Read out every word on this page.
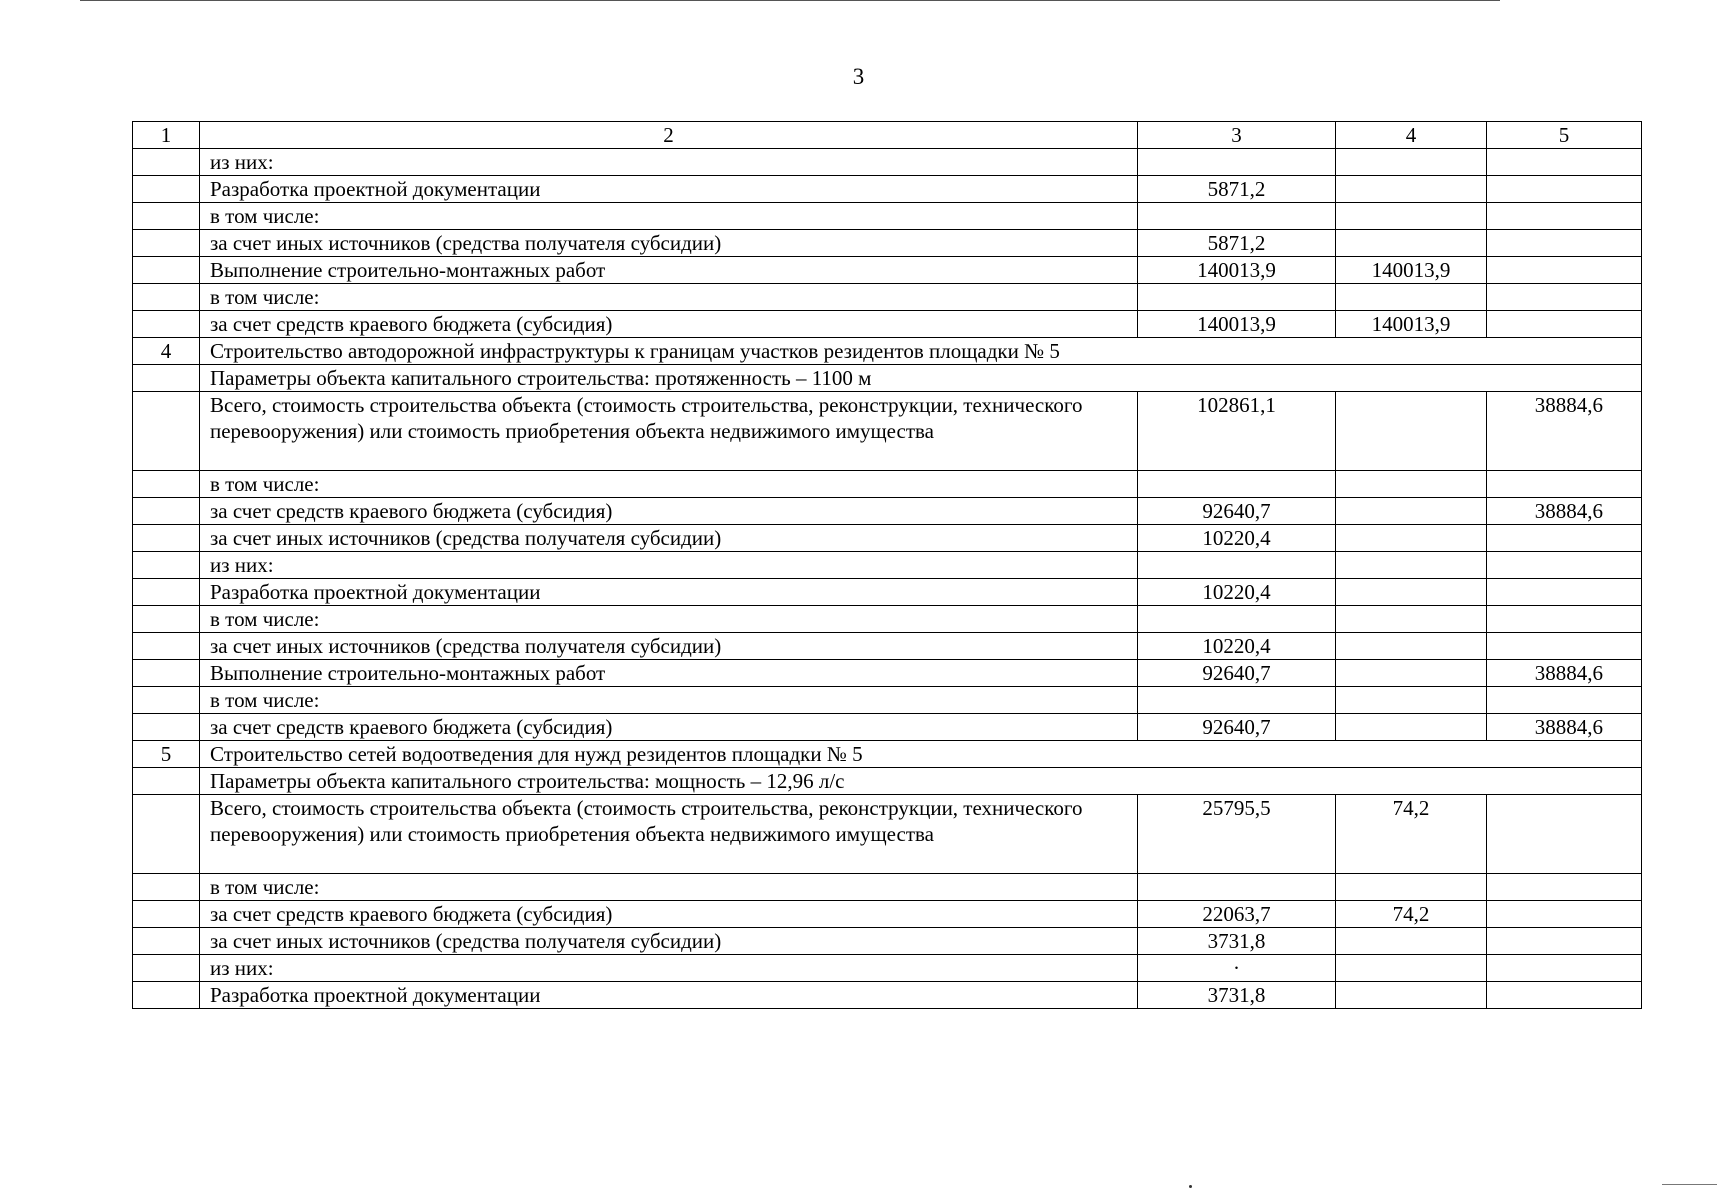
3
1	2	3	4	5
	из них:			
	Разработка проектной документации	5871,2		
	в том числе:			
	за счет иных источников (средства получателя субсидии)	5871,2		
	Выполнение строительно-монтажных работ	140013,9	140013,9	
	в том числе:			
	за счет средств краевого бюджета (субсидия)	140013,9	140013,9	
4	Строительство автодорожной инфраструктуры к границам участков резидентов площадки № 5			
	Параметры объекта капитального строительства: протяженность – 1100 м			
	Всего, стоимость строительства объекта (стоимость строительства, реконструкции, технического перевооружения) или стоимость приобретения объекта недвижимого имущества	102861,1		38884,6
	в том числе:			
	за счет средств краевого бюджета (субсидия)	92640,7		38884,6
	за счет иных источников (средства получателя субсидии)	10220,4		
	из них:			
	Разработка проектной документации	10220,4		
	в том числе:			
	за счет иных источников (средства получателя субсидии)	10220,4		
	Выполнение строительно-монтажных работ	92640,7		38884,6
	в том числе:			
	за счет средств краевого бюджета (субсидия)	92640,7		38884,6
5	Строительство сетей водоотведения для нужд резидентов площадки № 5			
	Параметры объекта капитального строительства: мощность – 12,96 л/с			
	Всего, стоимость строительства объекта (стоимость строительства, реконструкции, технического перевооружения) или стоимость приобретения объекта недвижимого имущества	25795,5	74,2	
	в том числе:			
	за счет средств краевого бюджета (субсидия)	22063,7	74,2	
	за счет иных источников (средства получателя субсидии)	3731,8		
	из них:	·		
	Разработка проектной документации	3731,8		
